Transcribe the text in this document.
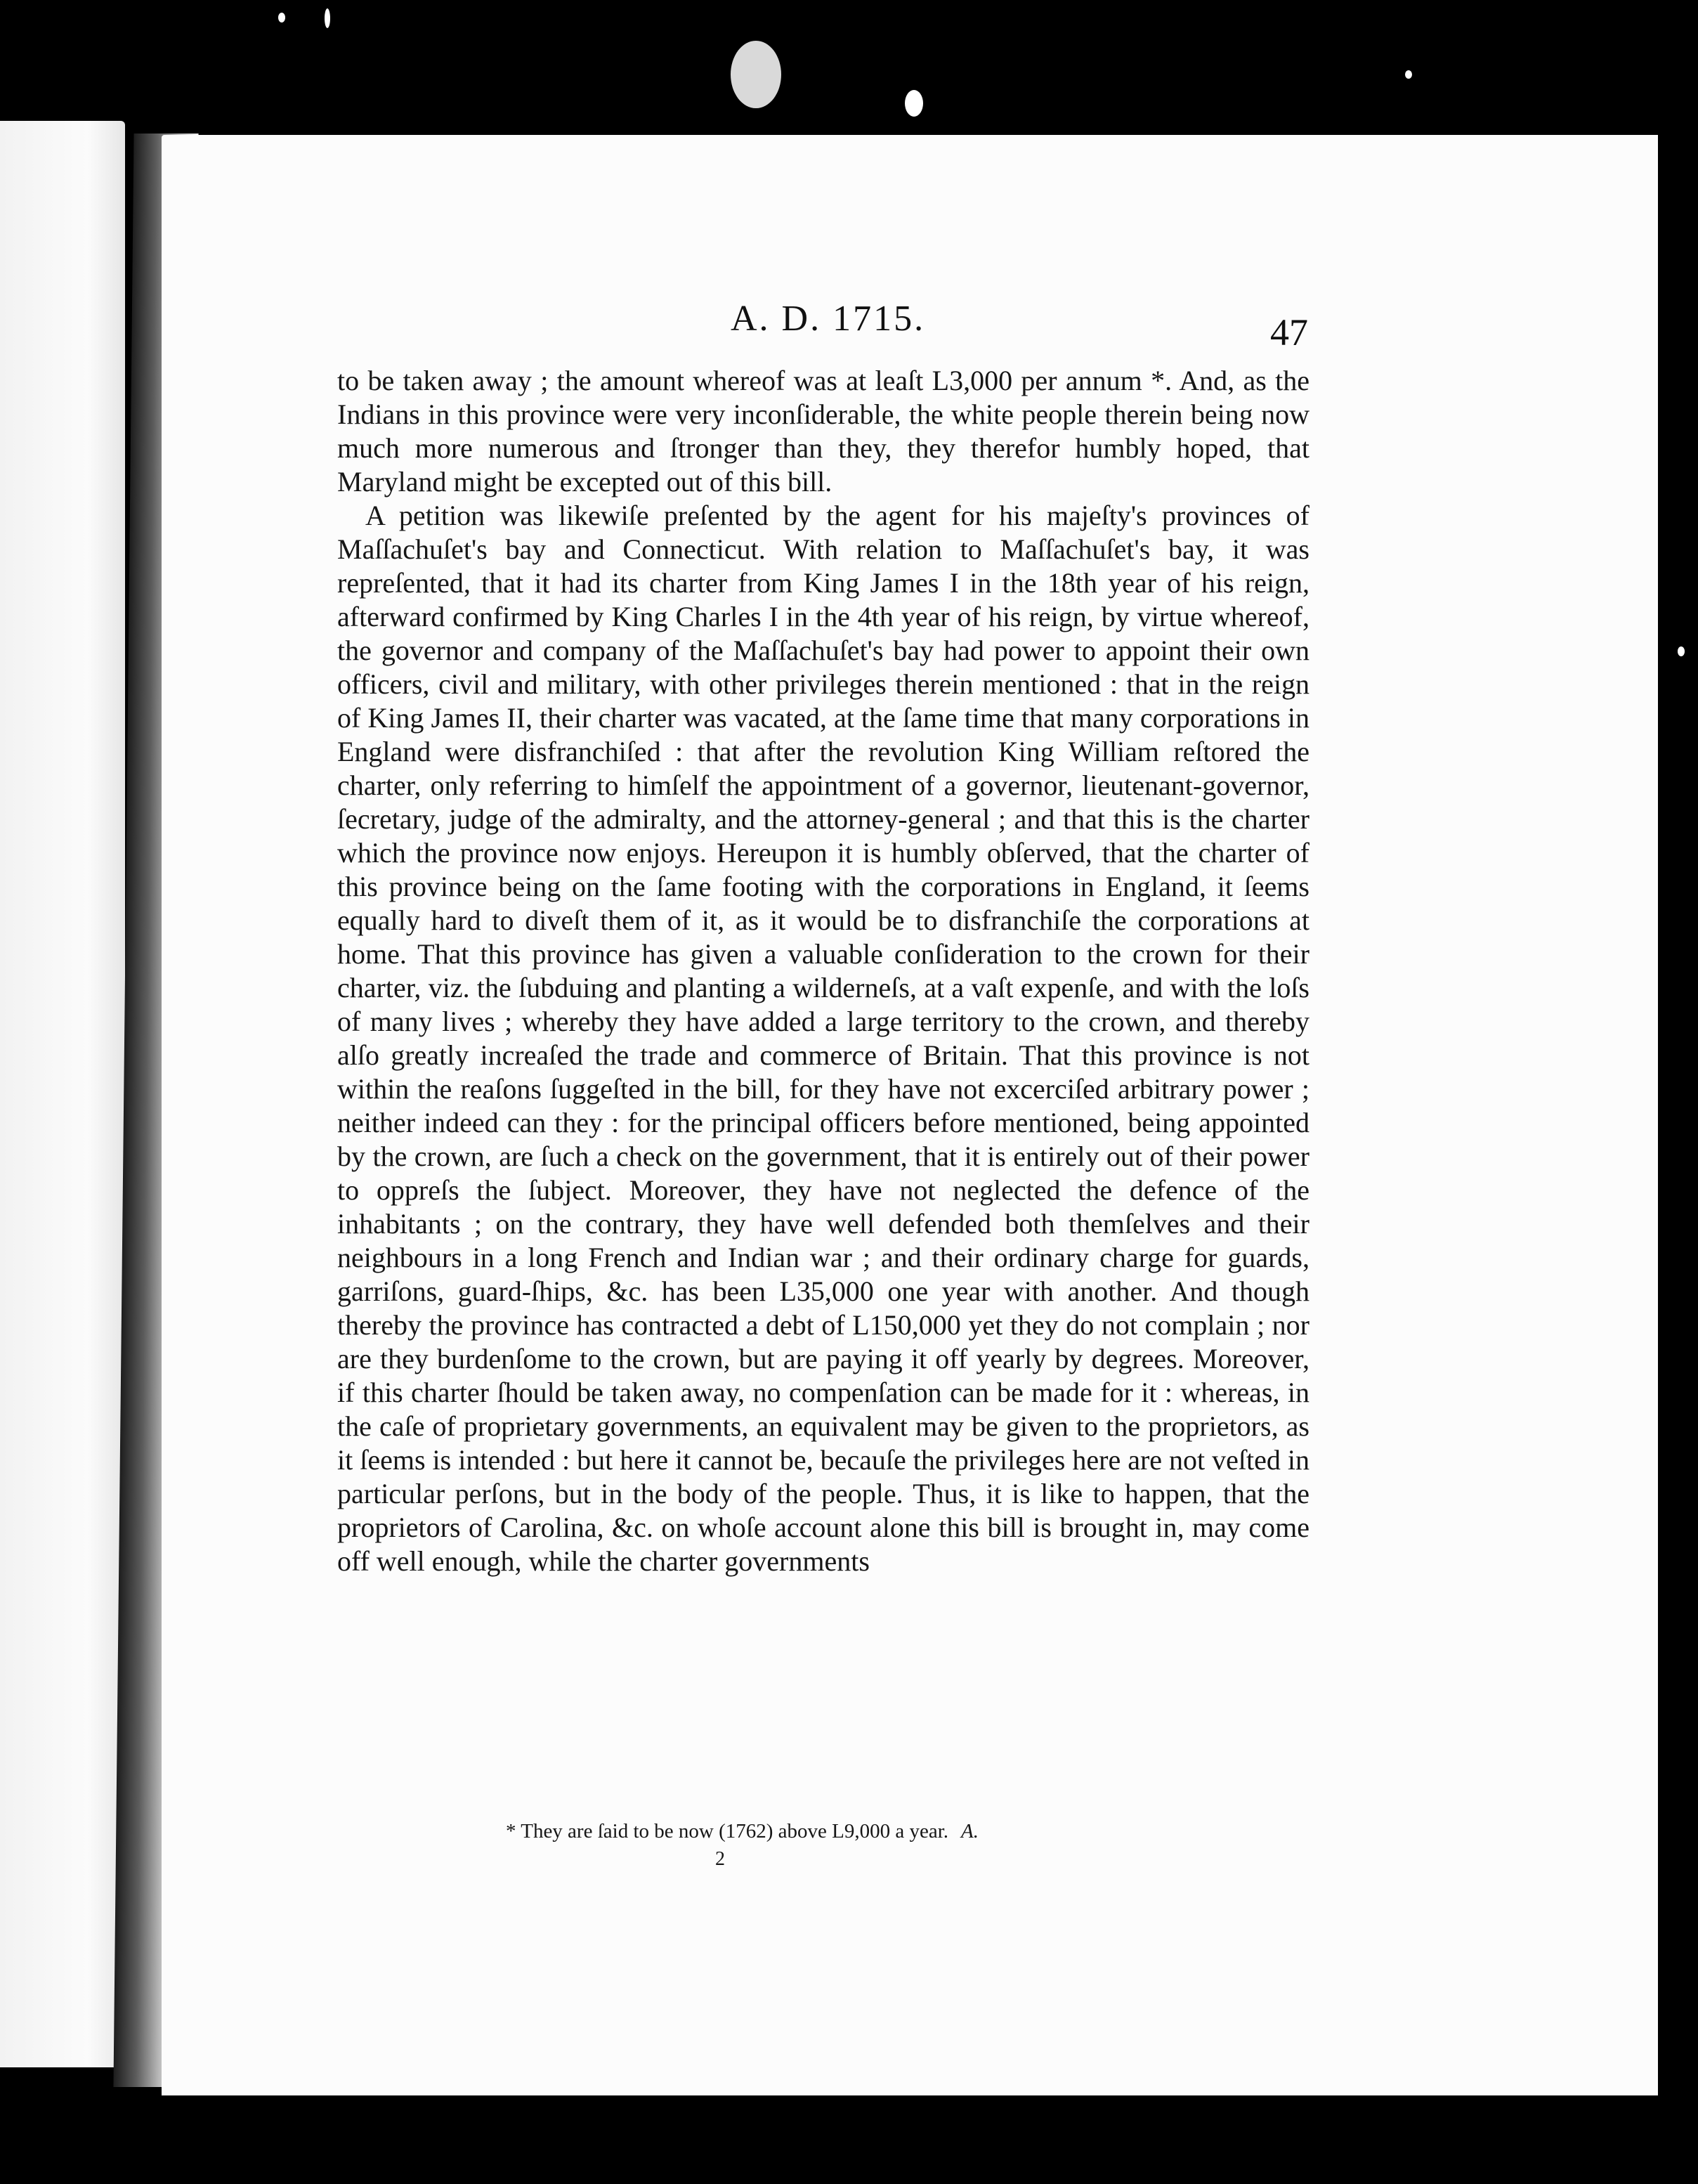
A. D. 1715.	47

to be taken away ; the amount whereof was at leaſt L3,000 per annum *. And, as the Indians in this province were very inconſiderable, the white people therein being now much more numerous and ſtronger than they, they therefor humbly hoped, that Maryland might be excepted out of this bill.

A petition was likewiſe preſented by the agent for his majeſty's provinces of Maſſachuſet's bay and Connecticut. With relation to Maſſachuſet's bay, it was repreſented, that it had its charter from King James I in the 18th year of his reign, afterward confirmed by King Charles I in the 4th year of his reign, by virtue whereof, the governor and company of the Maſſachuſet's bay had power to appoint their own officers, civil and military, with other privileges therein mentioned : that in the reign of King James II, their charter was vacated, at the ſame time that many corporations in England were disfranchiſed : that after the revolution King William reſtored the charter, only referring to himſelf the appointment of a governor, lieutenant-governor, ſecretary, judge of the admiralty, and the attorney-general ; and that this is the charter which the province now enjoys. Hereupon it is humbly obſerved, that the charter of this province being on the ſame footing with the corporations in England, it ſeems equally hard to diveſt them of it, as it would be to disfranchiſe the corporations at home. That this province has given a valuable conſideration to the crown for their charter, viz. the ſubduing and planting a wilderneſs, at a vaſt expenſe, and with the loſs of many lives ; whereby they have added a large territory to the crown, and thereby alſo greatly increaſed the trade and commerce of Britain. That this province is not within the reaſons ſuggeſted in the bill, for they have not excerciſed arbitrary power ; neither indeed can they : for the principal officers before mentioned, being appointed by the crown, are ſuch a check on the government, that it is entirely out of their power to oppreſs the ſubject. Moreover, they have not neglected the defence of the inhabitants ; on the contrary, they have well defended both themſelves and their neighbours in a long French and Indian war ; and their ordinary charge for guards, garriſons, guard-ſhips, &c. has been L35,000 one year with another. And though thereby the province has contracted a debt of L150,000 yet they do not complain ; nor are they burdenſome to the crown, but are paying it off yearly by degrees. Moreover, if this charter ſhould be taken away, no compenſation can be made for it : whereas, in the caſe of proprietary governments, an equivalent may be given to the proprietors, as it ſeems is intended : but here it cannot be, becauſe the privileges here are not veſted in particular perſons, but in the body of the people. Thus, it is like to happen, that the proprietors of Carolina, &c. on whoſe account alone this bill is brought in, may come off well enough, while the charter governments

* They are ſaid to be now (1762) above L9,000 a year. A.
2
